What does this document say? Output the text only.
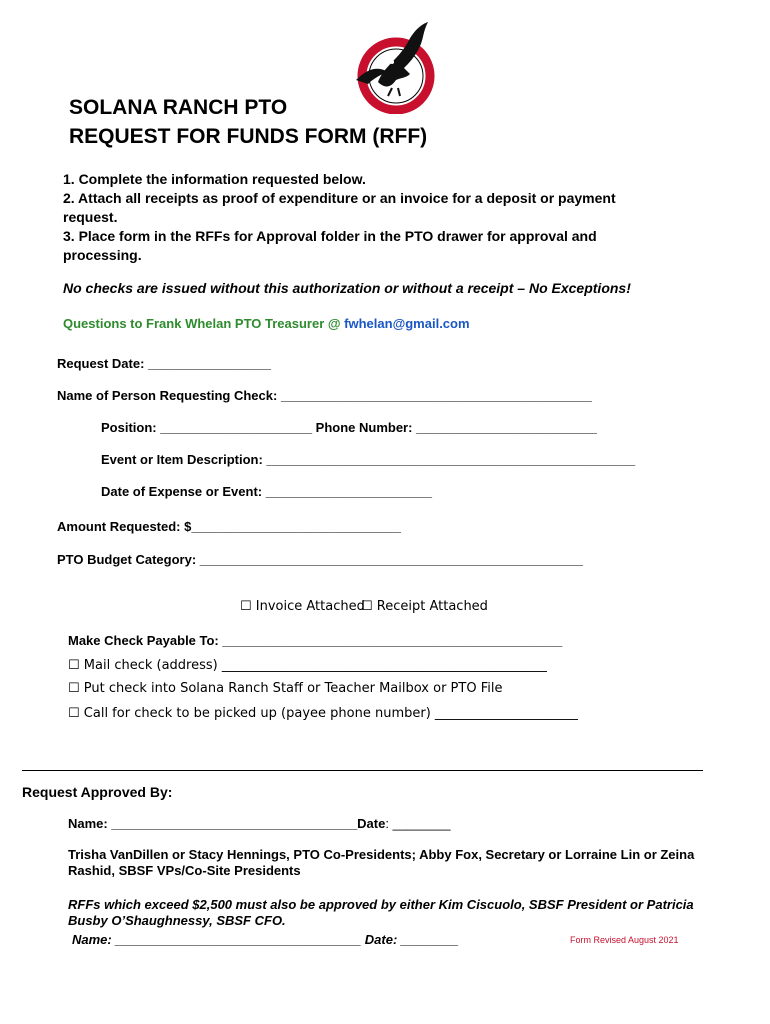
SOLANA RANCH PTO
REQUEST FOR FUNDS FORM (RFF)
1. Complete the information requested below.
2. Attach all receipts as proof of expenditure or an invoice for a deposit or payment request.
3. Place form in the RFFs for Approval folder in the PTO drawer for approval and processing.
No checks are issued without this authorization or without a receipt – No Exceptions!
Questions to Frank Whelan PTO Treasurer @ fwhelan@gmail.com
Request Date: _________________
Name of Person Requesting Check: ___________________________________________
Position: _____________________ Phone Number: _________________________
Event or Item Description: ___________________________________________________
Date of Expense or Event: _______________________
Amount Requested: $_____________________________
PTO Budget Category: _____________________________________________________
☐ Invoice Attached
☐ Receipt Attached
Make Check Payable To: _______________________________________________
☐ Mail check (address) __________________________________________________
☐ Put check into Solana Ranch Staff or Teacher Mailbox or PTO File
☐ Call for check to be picked up (payee phone number) ______________________
Request Approved By:
Name: __________________________________Date: ________
Trisha VanDillen or Stacy Hennings, PTO Co-Presidents; Abby Fox, Secretary or Lorraine Lin or Zeina Rashid, SBSF VPs/Co-Site Presidents
RFFs which exceed $2,500 must also be approved by either Kim Ciscuolo, SBSF President or Patricia Busby O’Shaughnessy, SBSF CFO.
Name: __________________________________ Date: ________	Form Revised August 2021
